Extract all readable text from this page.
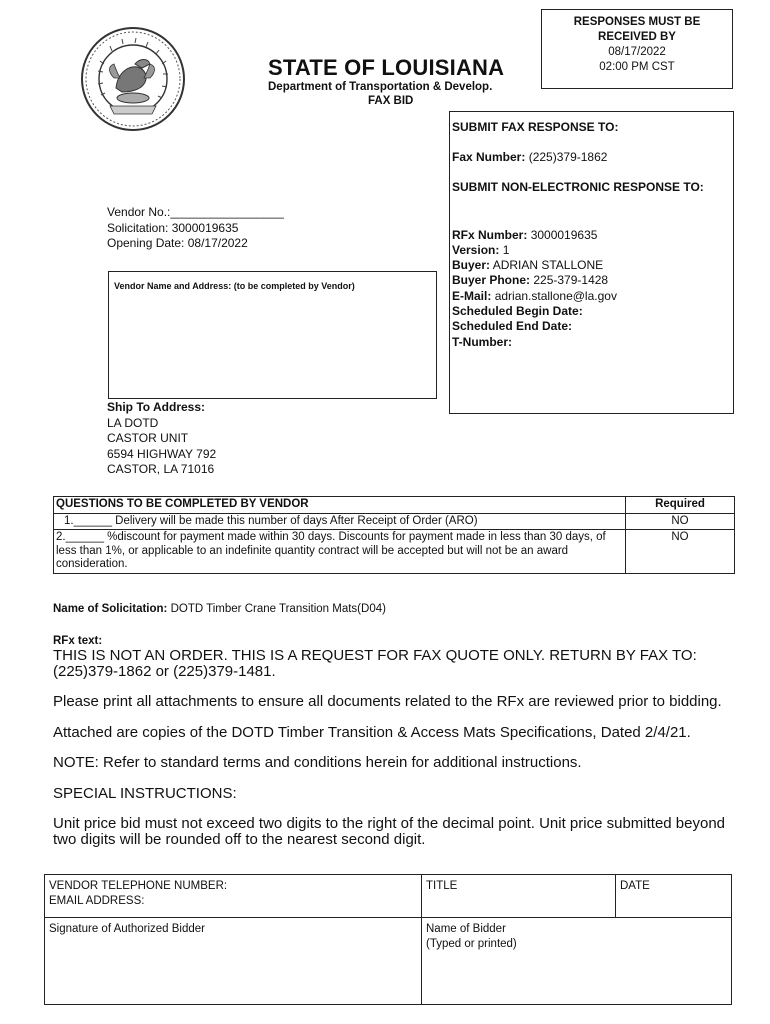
STATE OF LOUISIANA
Department of Transportation & Develop.
FAX BID
RESPONSES MUST BE
RECEIVED BY
08/17/2022
02:00 PM CST
SUBMIT FAX RESPONSE TO:
Fax Number: (225)379-1862
SUBMIT NON-ELECTRONIC RESPONSE TO:
RFx Number: 3000019635
Version: 1
Buyer: ADRIAN STALLONE
Buyer Phone: 225-379-1428
E-Mail: adrian.stallone@la.gov
Scheduled Begin Date:
Scheduled End Date:
T-Number:
Vendor No.:_________________
Solicitation: 3000019635
Opening Date: 08/17/2022
Vendor Name and Address: (to be completed by Vendor)
Ship To Address:
LA DOTD
CASTOR UNIT
6594 HIGHWAY 792
CASTOR, LA 71016
QUESTIONS TO BE COMPLETED BY VENDOR	Required
1.______ Delivery will be made this number of days After Receipt of Order (ARO)	NO
2.______ %discount for payment made within 30 days. Discounts for payment made in less than 30 days, of less than 1%, or applicable to an indefinite quantity contract will be accepted but will not be an award consideration.	NO
Name of Solicitation: DOTD Timber Crane Transition Mats(D04)
RFx text:

THIS IS NOT AN ORDER. THIS IS A REQUEST FOR FAX QUOTE ONLY. RETURN BY FAX TO: (225)379-1862 or (225)379-1481.

Please print all attachments to ensure all documents related to the RFx are reviewed prior to bidding.

Attached are copies of the DOTD Timber Transition & Access Mats Specifications, Dated 2/4/21.

NOTE: Refer to standard terms and conditions herein for additional instructions.

SPECIAL INSTRUCTIONS:

Unit price bid must not exceed two digits to the right of the decimal point. Unit price submitted beyond two digits will be rounded off to the nearest second digit.

VENDOR TELEPHONE NUMBER:
EMAIL ADDRESS:	TITLE	DATE
Signature of Authorized Bidder	Name of Bidder
(Typed or printed)	
